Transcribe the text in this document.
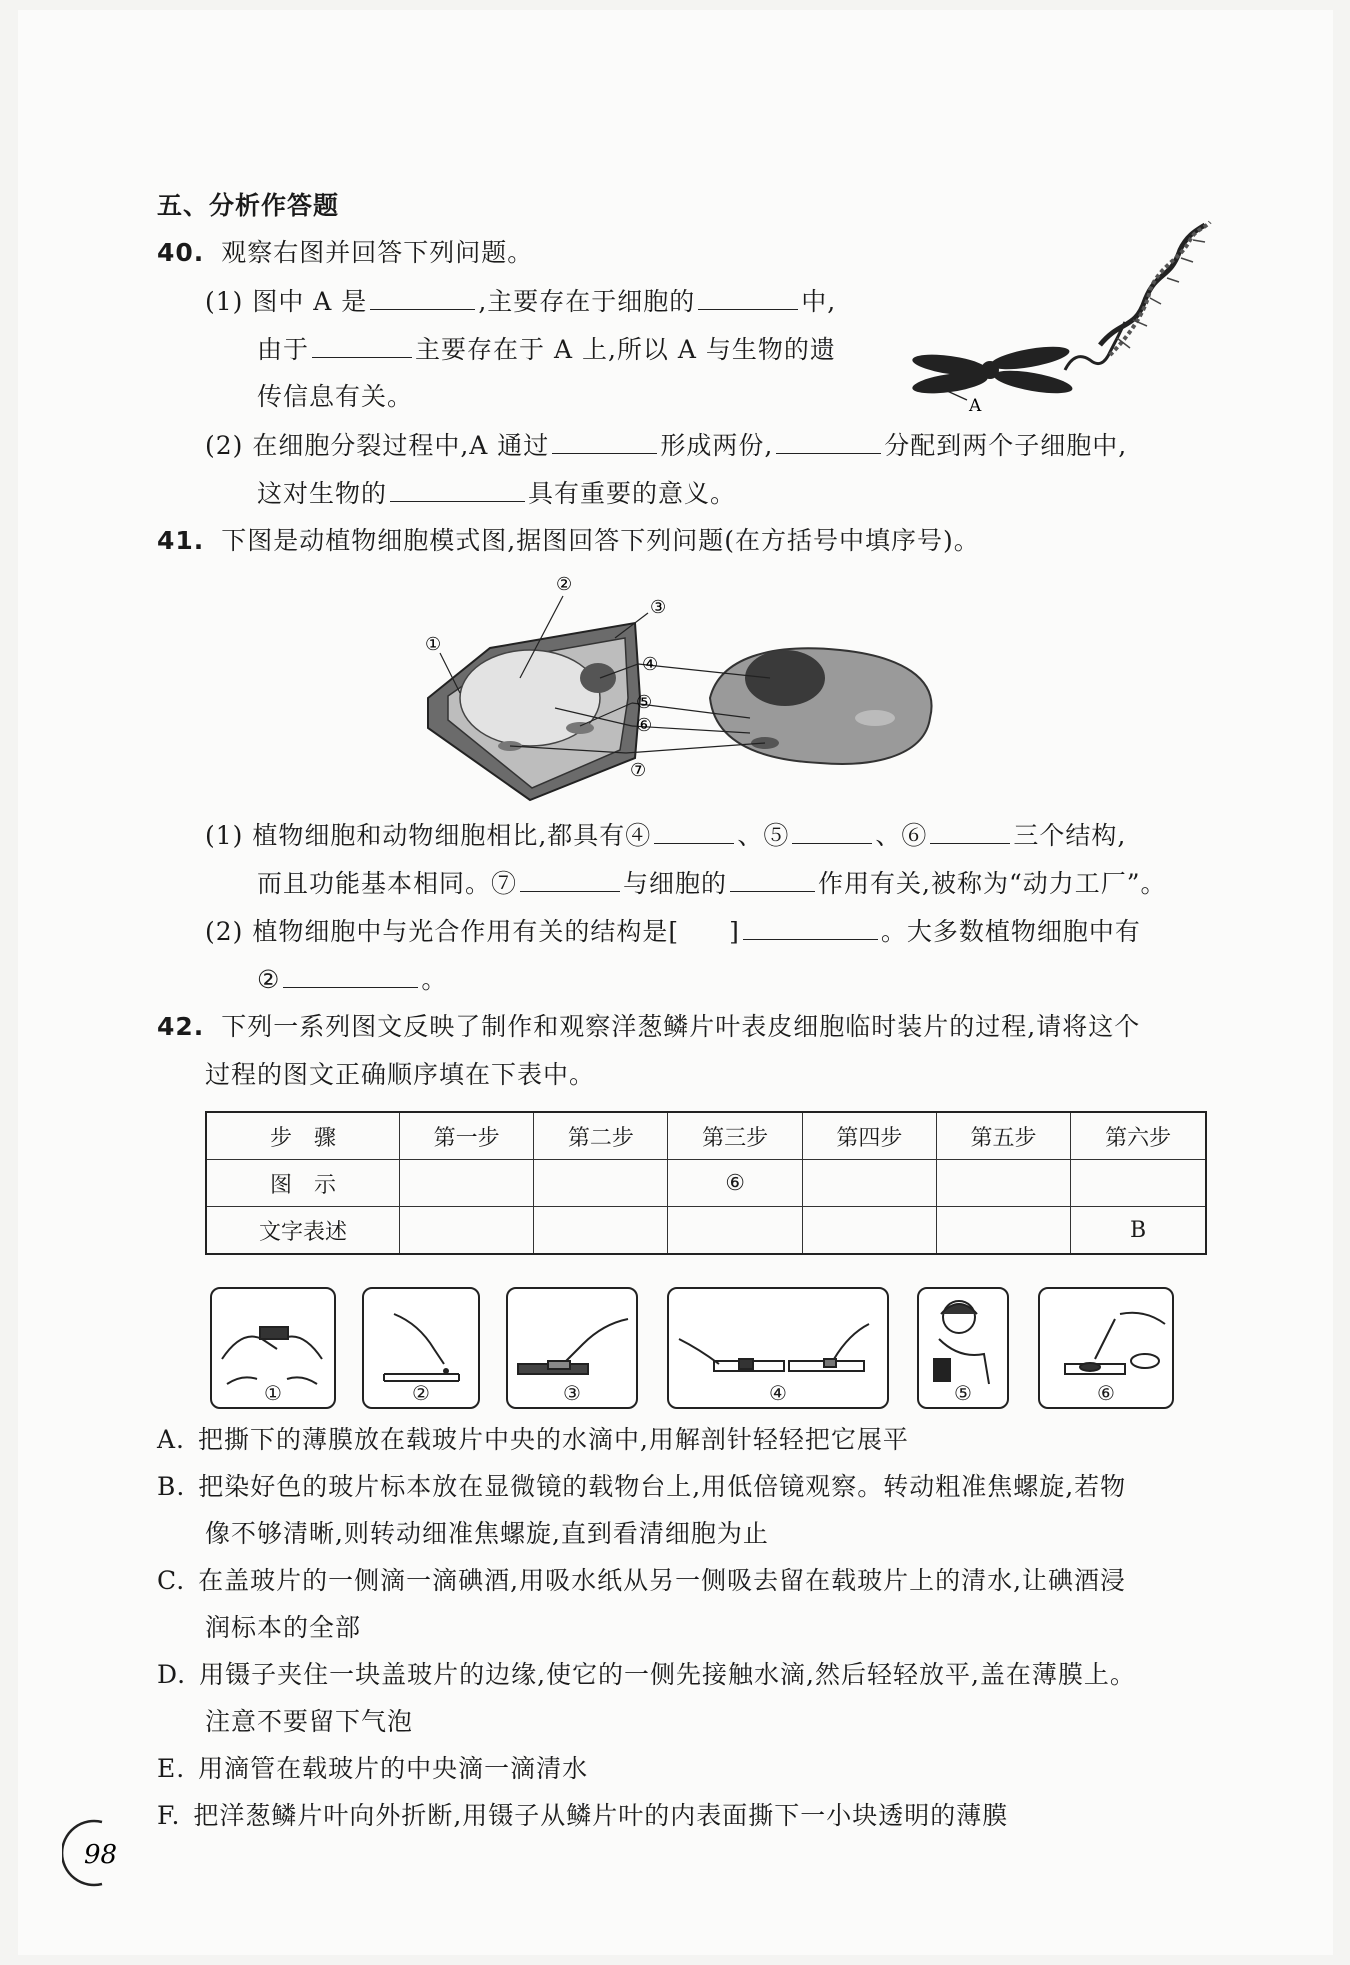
五、分析作答题
40. 观察右图并回答下列问题。
(1) 图中 A 是	,主要存在于细胞的	中,
由于	主要存在于 A 上,所以 A 与生物的遗
传信息有关。
(2) 在细胞分裂过程中,A 通过	形成两份,	分配到两个子细胞中,
这对生物的	具有重要的意义。
A
41. 下图是动植物细胞模式图,据图回答下列问题(在方括号中填序号)。
①
②
③
④
⑤
⑥
⑦
(1) 植物细胞和动物细胞相比,都具有④	、⑤	、⑥	三个结构,
而且功能基本相同。⑦	与细胞的	作用有关,被称为“动力工厂”。
(2) 植物细胞中与光合作用有关的结构是[ ]	。大多数植物细胞中有
②	。
42. 下列一系列图文反映了制作和观察洋葱鳞片叶表皮细胞临时装片的过程,请将这个
过程的图文正确顺序填在下表中。
步　骤	第一步	第二步	第三步	第四步	第五步	第六步
图　示			⑥			
文字表述						B
①	②	③	④	⑤	⑥
A. 把撕下的薄膜放在载玻片中央的水滴中,用解剖针轻轻把它展平
B. 把染好色的玻片标本放在显微镜的载物台上,用低倍镜观察。转动粗准焦螺旋,若物
像不够清晰,则转动细准焦螺旋,直到看清细胞为止
C. 在盖玻片的一侧滴一滴碘酒,用吸水纸从另一侧吸去留在载玻片上的清水,让碘酒浸
润标本的全部
D. 用镊子夹住一块盖玻片的边缘,使它的一侧先接触水滴,然后轻轻放平,盖在薄膜上。
注意不要留下气泡
E. 用滴管在载玻片的中央滴一滴清水
F. 把洋葱鳞片叶向外折断,用镊子从鳞片叶的内表面撕下一小块透明的薄膜
98
